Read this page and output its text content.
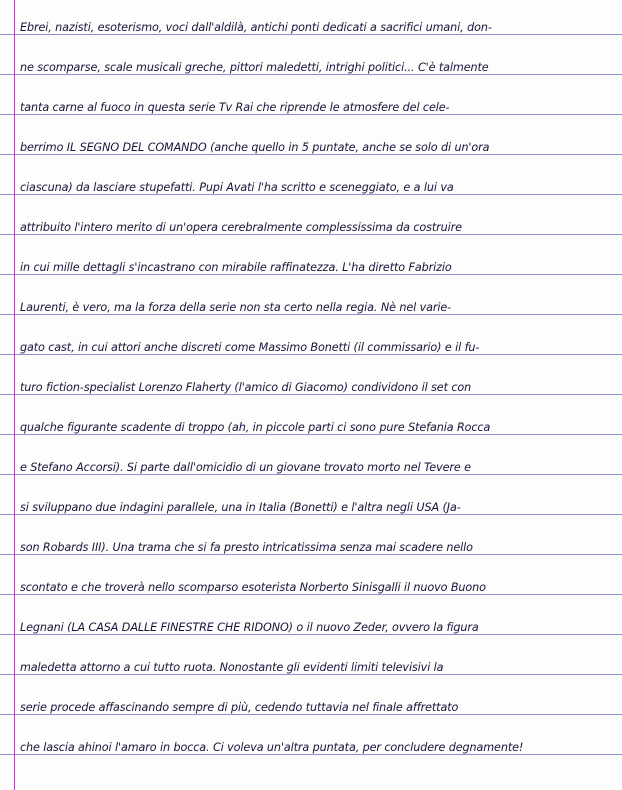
Ebrei, nazisti, esoterismo, voci dall'aldilà, antichi ponti dedicati a sacrifici umani, don-
ne scomparse, scale musicali greche, pittori maledetti, intrighi politici... C'è talmente
tanta carne al fuoco in questa serie Tv Rai che riprende le atmosfere del cele-
berrimo IL SEGNO DEL COMANDO (anche quello in 5 puntate, anche se solo di un'ora
ciascuna) da lasciare stupefatti. Pupi Avati l'ha scritto e sceneggiato, e a lui va
attribuito l'intero merito di un'opera cerebralmente complessissima da costruire
in cui mille dettagli s'incastrano con mirabile raffinatezza. L'ha diretto Fabrizio
Laurenti, è vero, ma la forza della serie non sta certo nella regia. Nè nel varie-
gato cast, in cui attori anche discreti come Massimo Bonetti (il commissario) e il fu-
turo fiction-specialist Lorenzo Flaherty (l'amico di Giacomo) condividono il set con
qualche figurante scadente di troppo (ah, in piccole parti ci sono pure Stefania Rocca
e Stefano Accorsi). Si parte dall'omicidio di un giovane trovato morto nel Tevere e
si sviluppano due indagini parallele, una in Italia (Bonetti) e l'altra negli USA (Ja-
son Robards III). Una trama che si fa presto intricatissima senza mai scadere nello
scontato e che troverà nello scomparso esoterista Norberto Sinisgalli il nuovo Buono
Legnani (LA CASA DALLE FINESTRE CHE RIDONO) o il nuovo Zeder, ovvero la figura
maledetta attorno a cui tutto ruota. Nonostante gli evidenti limiti televisivi la
serie procede affascinando sempre di più, cedendo tuttavia nel finale affrettato
che lascia ahinoi l'amaro in bocca. Ci voleva un'altra puntata, per concludere degnamente!
